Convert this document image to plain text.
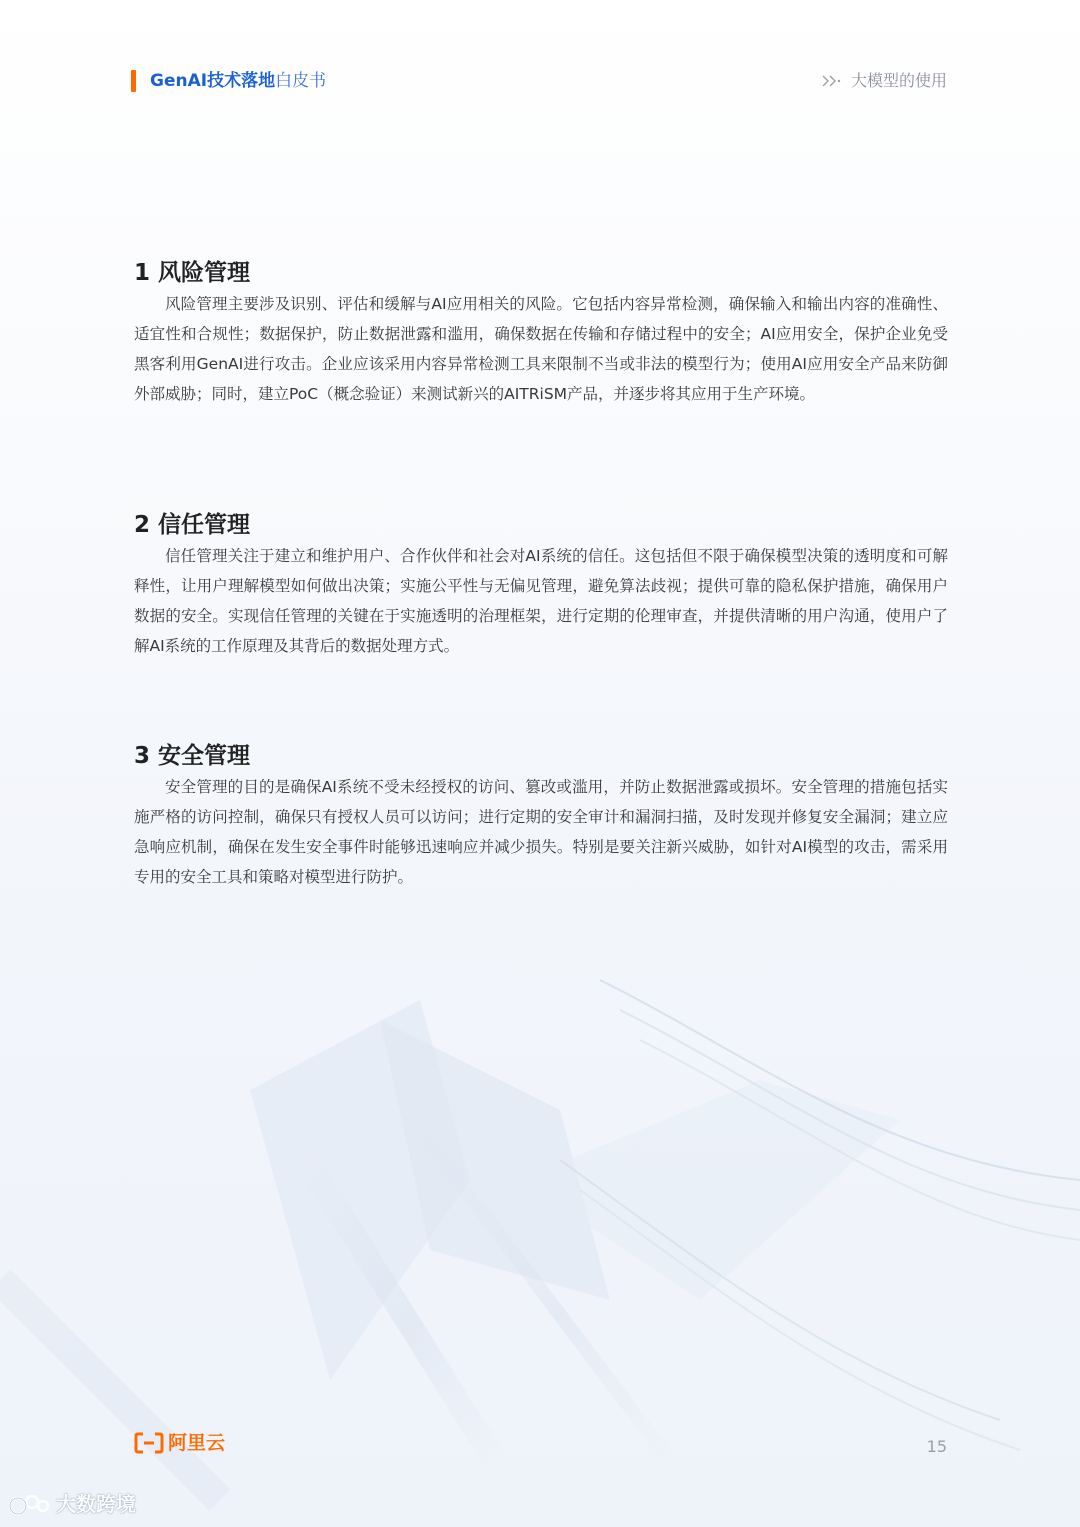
GenAI技术落地白皮书	大模型的使用
1 风险管理

风险管理主要涉及识别、评估和缓解与AI应用相关的风险。它包括内容异常检测，确保输入和输出内容的准确性、适宜性和合规性；数据保护，防止数据泄露和滥用，确保数据在传输和存储过程中的安全；AI应用安全，保护企业免受黑客利用GenAI进行攻击。企业应该采用内容异常检测工具来限制不当或非法的模型行为；使用AI应用安全产品来防御外部威胁；同时，建立PoC（概念验证）来测试新兴的AITRiSM产品，并逐步将其应用于生产环境。

2 信任管理

信任管理关注于建立和维护用户、合作伙伴和社会对AI系统的信任。这包括但不限于确保模型决策的透明度和可解释性，让用户理解模型如何做出决策；实施公平性与无偏见管理，避免算法歧视；提供可靠的隐私保护措施，确保用户数据的安全。实现信任管理的关键在于实施透明的治理框架，进行定期的伦理审查，并提供清晰的用户沟通，使用户了解AI系统的工作原理及其背后的数据处理方式。

3 安全管理

安全管理的目的是确保AI系统不受未经授权的访问、篡改或滥用，并防止数据泄露或损坏。安全管理的措施包括实施严格的访问控制，确保只有授权人员可以访问；进行定期的安全审计和漏洞扫描，及时发现并修复安全漏洞；建立应急响应机制，确保在发生安全事件时能够迅速响应并减少损失。特别是要关注新兴威胁，如针对AI模型的攻击，需采用专用的安全工具和策略对模型进行防护。

阿里云	15
大数跨境
